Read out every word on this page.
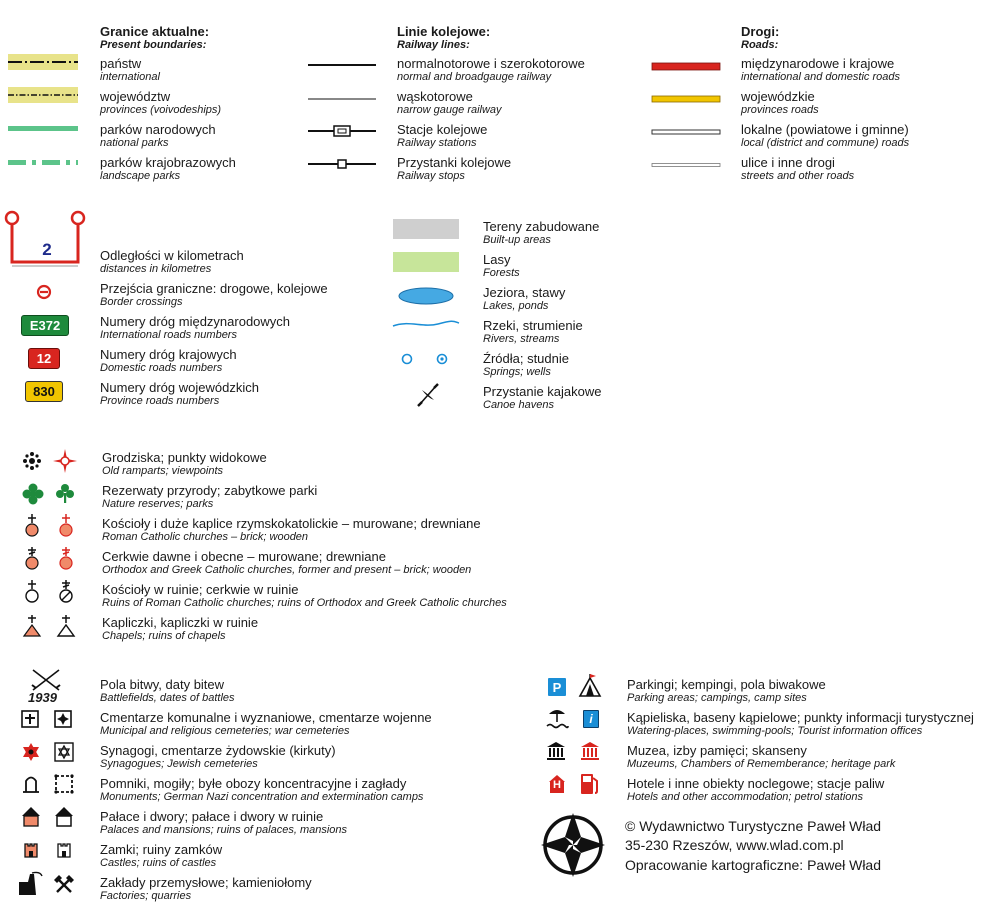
Granice aktualne:
Present boundaries:
państw
international
województw
provinces (voivodeships)
parków narodowych
national parks
parków krajobrazowych
landscape parks
Linie kolejowe:
Railway lines:
normalnotorowe i szerokotorowe
normal and broadgauge railway
wąskotorowe
narrow gauge railway
Stacje kolejowe
Railway stations
Przystanki kolejowe
Railway stops
Drogi:
Roads:
międzynarodowe i krajowe
international and domestic roads
wojewódzkie
provinces roads
lokalne (powiatowe i gminne)
local (district and commune) roads
ulice i inne drogi
streets and other roads
2	Odległości w kilometrach
distances in kilometres
Przejścia graniczne: drogowe, kolejowe
Border crossings
E372	Numery dróg międzynarodowych
International roads numbers
12	Numery dróg krajowych
Domestic roads numbers
830	Numery dróg wojewódzkich
Province roads numbers
Tereny zabudowane
Built-up areas
Lasy
Forests
Jeziora, stawy
Lakes, ponds
Rzeki, strumienie
Rivers, streams
Źródła; studnie
Springs; wells
Przystanie kajakowe
Canoe havens
Grodziska; punkty widokowe
Old ramparts; viewpoints
Rezerwaty przyrody; zabytkowe parki
Nature reserves; parks
Kościoły i duże kaplice rzymskokatolickie – murowane; drewniane
Roman Catholic churches – brick; wooden
Cerkwie dawne i obecne – murowane; drewniane
Orthodox and Greek Catholic churches, former and present – brick; wooden
Kościoły w ruinie; cerkwie w ruinie
Ruins of Roman Catholic churches; ruins of Orthodox and Greek Catholic churches
Kapliczki, kapliczki w ruinie
Chapels; ruins of chapels
1939
Pola bitwy, daty bitew
Battlefields, dates of battles
Cmentarze komunalne i wyznaniowe, cmentarze wojenne
Municipal and religious cemeteries; war cemeteries
Synagogi, cmentarze żydowskie (kirkuty)
Synagogues; Jewish cemeteries
Pomniki, mogiły; byłe obozy koncentracyjne i zagłady
Monuments; German Nazi concentration and extermination camps
Pałace i dwory; pałace i dwory w ruinie
Palaces and mansions; ruins of palaces, mansions
Zamki; ruiny zamków
Castles; ruins of castles
Zakłady przemysłowe; kamieniołomy
Factories; quarries
P	Parkingi; kempingi, pola biwakowe
Parking areas; campings, camp sites
i	Kąpieliska, baseny kąpielowe; punkty informacji turystycznej
Watering-places, swimming-pools; Tourist information offices
Muzea, izby pamięci; skanseny
Muzeums, Chambers of Rememberance; heritage park
H	Hotele i inne obiekty noclegowe; stacje paliw
Hotels and other accommodation; petrol stations
© Wydawnictwo Turystyczne Paweł Wład
35-230 Rzeszów, www.wlad.com.pl
Opracowanie kartograficzne: Paweł Wład
